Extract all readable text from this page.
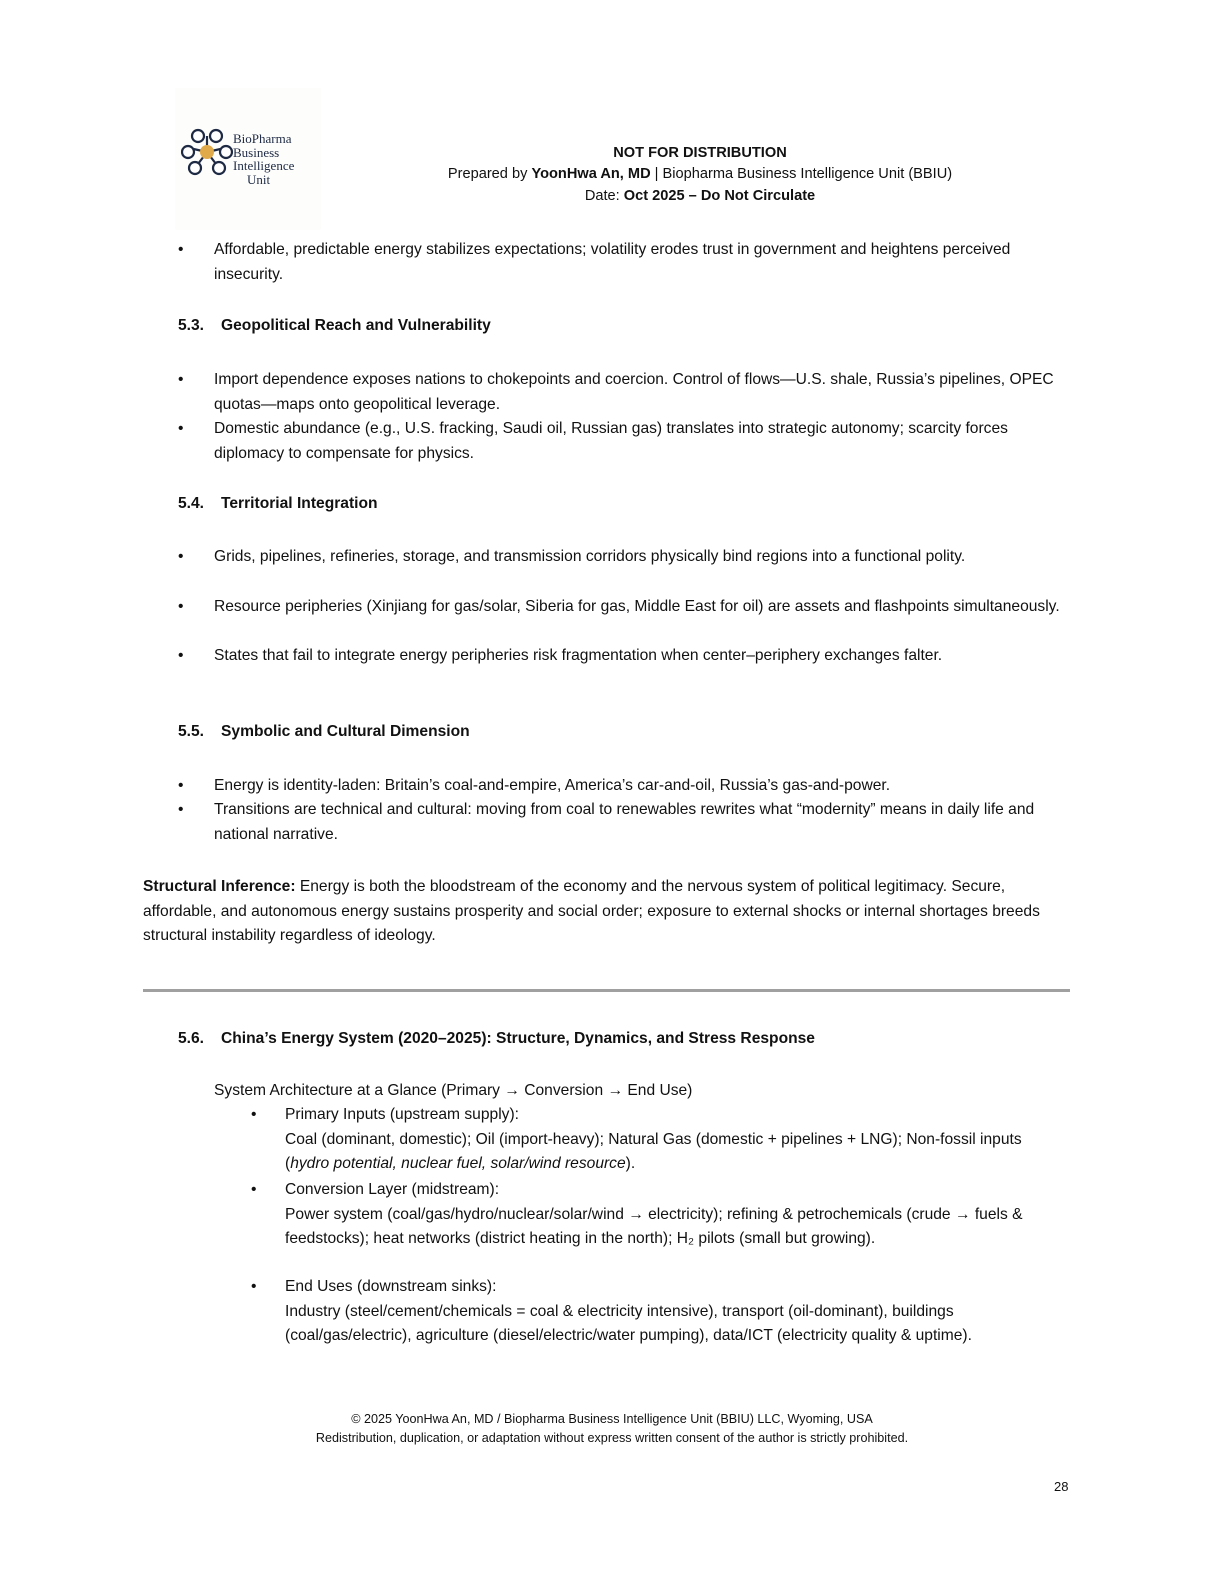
BioPharma
Business
Intelligence
Unit
NOT FOR DISTRIBUTION
Prepared by YoonHwa An, MD | Biopharma Business Intelligence Unit (BBIU)
Date: Oct 2025 – Do Not Circulate
• Affordable, predictable energy stabilizes expectations; volatility erodes trust in government and heightens perceived insecurity.
5.3. Geopolitical Reach and Vulnerability
• Import dependence exposes nations to chokepoints and coercion. Control of flows—U.S. shale, Russia’s pipelines, OPEC quotas—maps onto geopolitical leverage.
• Domestic abundance (e.g., U.S. fracking, Saudi oil, Russian gas) translates into strategic autonomy; scarcity forces diplomacy to compensate for physics.
5.4. Territorial Integration
• Grids, pipelines, refineries, storage, and transmission corridors physically bind regions into a functional polity.
• Resource peripheries (Xinjiang for gas/solar, Siberia for gas, Middle East for oil) are assets and flashpoints simultaneously.
• States that fail to integrate energy peripheries risk fragmentation when center–periphery exchanges falter.
5.5. Symbolic and Cultural Dimension
• Energy is identity-laden: Britain’s coal-and-empire, America’s car-and-oil, Russia’s gas-and-power.
• Transitions are technical and cultural: moving from coal to renewables rewrites what “modernity” means in daily life and national narrative.
Structural Inference: Energy is both the bloodstream of the economy and the nervous system of political legitimacy. Secure, affordable, and autonomous energy sustains prosperity and social order; exposure to external shocks or internal shortages breeds structural instability regardless of ideology.
5.6. China’s Energy System (2020–2025): Structure, Dynamics, and Stress Response
System Architecture at a Glance (Primary → Conversion → End Use)
• Primary Inputs (upstream supply):
Coal (dominant, domestic); Oil (import-heavy); Natural Gas (domestic + pipelines + LNG); Non-fossil inputs (hydro potential, nuclear fuel, solar/wind resource).
• Conversion Layer (midstream):
Power system (coal/gas/hydro/nuclear/solar/wind → electricity); refining & petrochemicals (crude → fuels & feedstocks); heat networks (district heating in the north); H₂ pilots (small but growing).
• End Uses (downstream sinks):
Industry (steel/cement/chemicals = coal & electricity intensive), transport (oil-dominant), buildings (coal/gas/electric), agriculture (diesel/electric/water pumping), data/ICT (electricity quality & uptime).
© 2025 YoonHwa An, MD / Biopharma Business Intelligence Unit (BBIU) LLC, Wyoming, USA
Redistribution, duplication, or adaptation without express written consent of the author is strictly prohibited.
28
